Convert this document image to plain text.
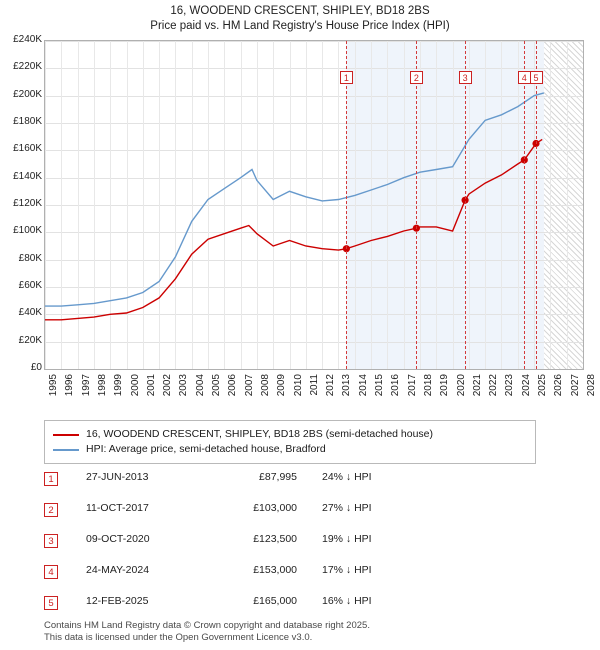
16, WOODEND CRESCENT, SHIPLEY, BD18 2BS
Price paid vs. HM Land Registry's House Price Index (HPI)
1	2	3	4 5
16, WOODEND CRESCENT, SHIPLEY, BD18 2BS (semi-detached house)
HPI: Average price, semi-detached house, Bradford
1	27-JUN-2013	£87,995 24% ↓ HPI
2	11-OCT-2017	£103,000 27% ↓ HPI
3	09-OCT-2020	£123,500 19% ↓ HPI
4	24-MAY-2024	£153,000 17% ↓ HPI
5	12-FEB-2025	£165,000 16% ↓ HPI
Contains HM Land Registry data © Crown copyright and database right 2025.
This data is licensed under the Open Government Licence v3.0.
£0
£20K
£40K
£60K
£80K
£100K
£120K
£140K
£160K
£180K
£200K
£220K
£240K
1995 1996 1997 1998 1999 2000 2001 2002 2003 2004 2005 2006 2007 2008 2009 2010 2011 2012 2013 2014 2015 2016 2017 2018 2019 2020 2021 2022 2023 2024 2025 2026 2027 2028
